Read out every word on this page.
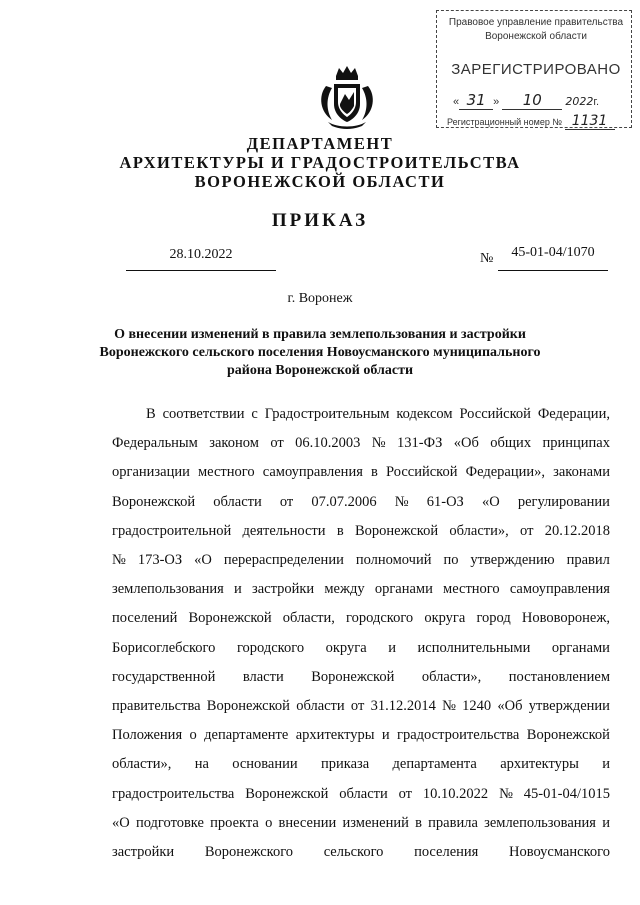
Правовое управление правительства
Воронежской области
ЗАРЕГИСТРИРОВАНО
« 31 » 10 2022г.
Регистрационный номер № 1131
ДЕПАРТАМЕНТ
АРХИТЕКТУРЫ И ГРАДОСТРОИТЕЛЬСТВА
ВОРОНЕЖСКОЙ ОБЛАСТИ
ПРИКАЗ
28.10.2022	№	45-01-04/1070
г. Воронеж
О внесении изменений в правила землепользования и застройки
Воронежского сельского поселения Новоусманского муниципального
района Воронежской области
В соответствии с Градостроительным кодексом Российской Федерации,
Федеральным законом от 06.10.2003 № 131-ФЗ «Об общих принципах
организации местного самоуправления в Российской Федерации», законами
Воронежской области от 07.07.2006 № 61-ОЗ «О регулировании
градостроительной деятельности в Воронежской области», от 20.12.2018
№ 173-ОЗ «О перераспределении полномочий по утверждению правил
землепользования и застройки между органами местного самоуправления
поселений Воронежской области, городского округа город Нововоронеж,
Борисоглебского городского округа и исполнительными органами
государственной власти Воронежской области», постановлением
правительства Воронежской области от 31.12.2014 № 1240 «Об утверждении
Положения о департаменте архитектуры и градостроительства Воронежской
области», на основании приказа департамента архитектуры и
градостроительства Воронежской области от 10.10.2022 № 45-01-04/1015
«О подготовке проекта о внесении изменений в правила землепользования и
застройки Воронежского сельского поселения Новоусманского
